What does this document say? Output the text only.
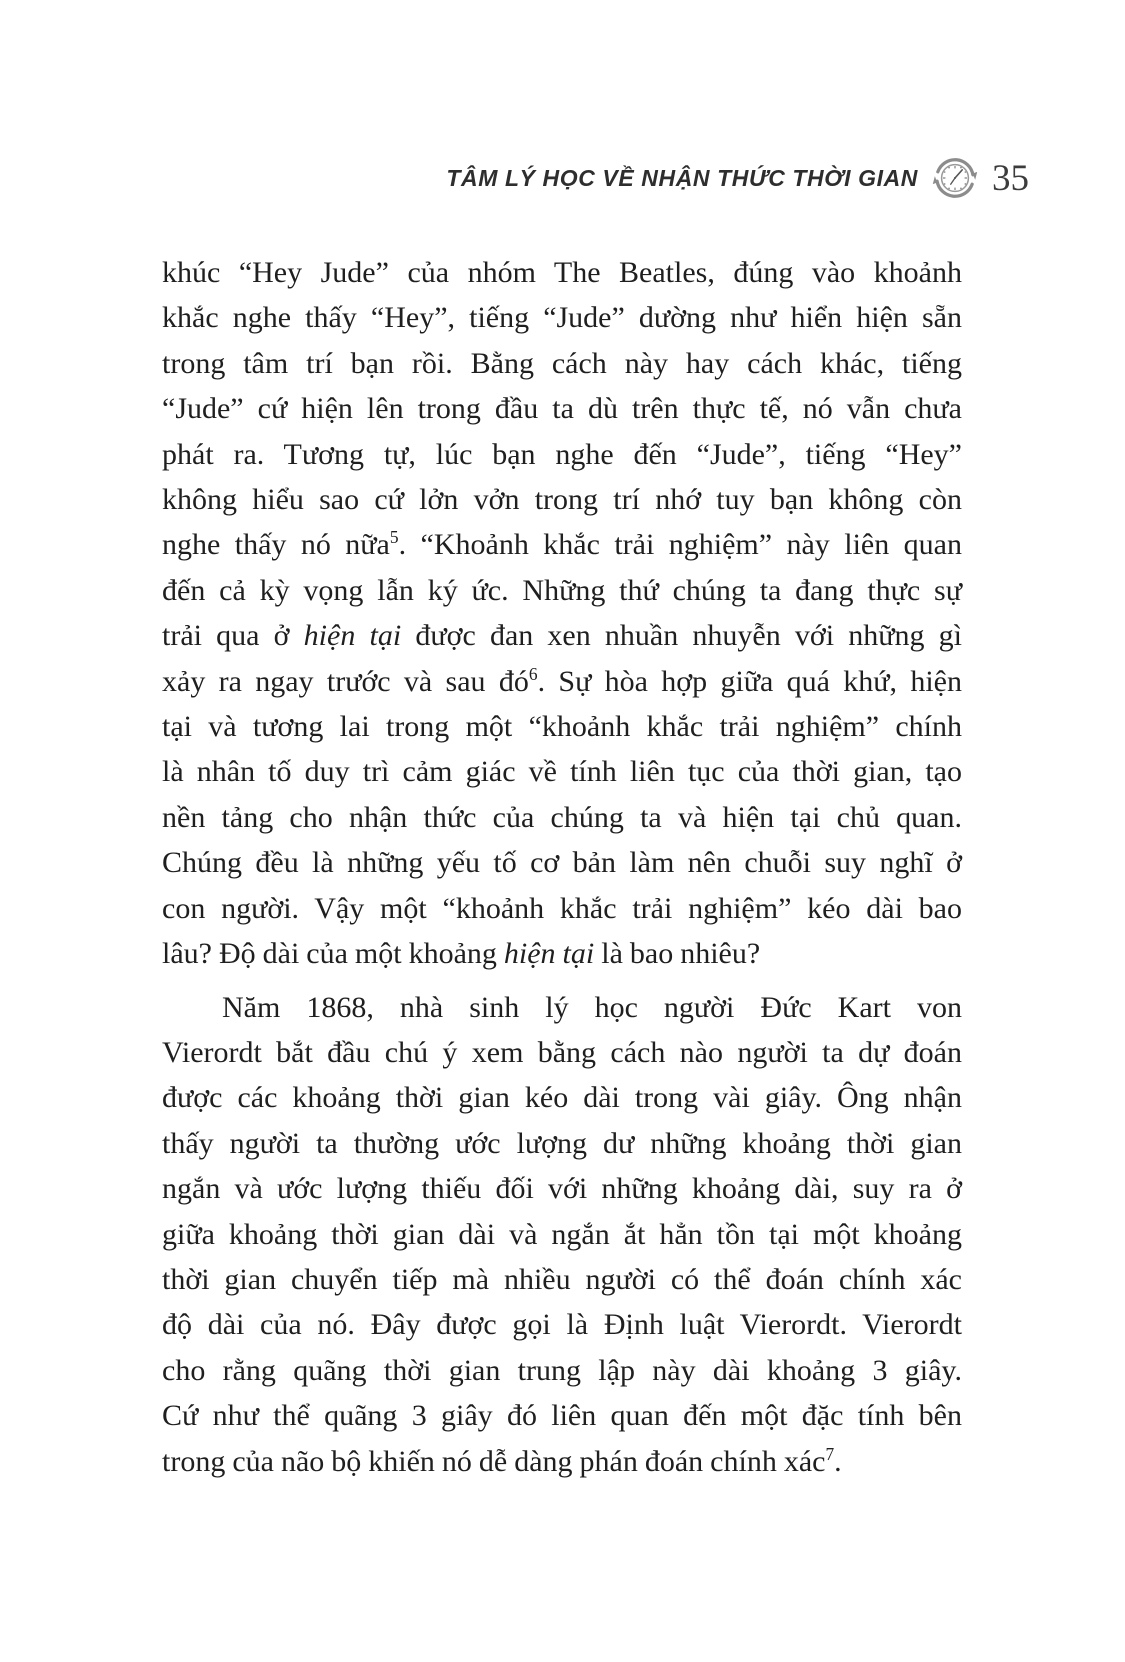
TÂM LÝ HỌC VỀ NHẬN THỨC THỜI GIAN 35
khúc “Hey Jude” của nhóm The Beatles, đúng vào khoảnh
khắc nghe thấy “Hey”, tiếng “Jude” dường như hiển hiện sẵn
trong tâm trí bạn rồi. Bằng cách này hay cách khác, tiếng
“Jude” cứ hiện lên trong đầu ta dù trên thực tế, nó vẫn chưa
phát ra. Tương tự, lúc bạn nghe đến “Jude”, tiếng “Hey”
không hiểu sao cứ lởn vởn trong trí nhớ tuy bạn không còn
nghe thấy nó nữa$^5$. “Khoảnh khắc trải nghiệm” này liên quan
đến cả kỳ vọng lẫn ký ức. Những thứ chúng ta đang thực sự
trải qua ở hiện tại được đan xen nhuần nhuyễn với những gì
xảy ra ngay trước và sau $đó^6$. Sự hòa hợp giữa quá khứ, hiện
tại và tương lai trong một “khoảnh khắc trải nghiệm” chính
là nhân tố duy trì cảm giác về tính liên tục của thời gian, tạo
nền tảng cho nhận thức của chúng ta và hiện tại chủ quan.
Chúng đều là những yếu tố cơ bản làm nên chuỗi suy nghĩ ở
con người. Vậy một “khoảnh khắc trải nghiệm” kéo dài bao
lâu? Độ dài của một khoảng hiện tại là bao nhiêu?
Năm 1868, nhà sinh lý học người Đức Kart von
Vierordt bắt đầu chú ý xem bằng cách nào người ta dự đoán
được các khoảng thời gian kéo dài trong vài giây. Ông nhận
thấy người ta thường ước lượng dư những khoảng thời gian
ngắn và ước lượng thiếu đối với những khoảng dài, suy ra ở
giữa khoảng thời gian dài và ngắn ắt hẳn tồn tại một khoảng
thời gian chuyển tiếp mà nhiều người có thể đoán chính xác
độ dài của nó. Đây được gọi là Định luật Vierordt. Vierordt
cho rằng quãng thời gian trung lập này dài khoảng 3 giây.
Cứ như thể quãng 3 giây đó liên quan đến một đặc tính bên
trong của não bộ khiến nó dễ dàng phán đoán chính xác$^7$.
